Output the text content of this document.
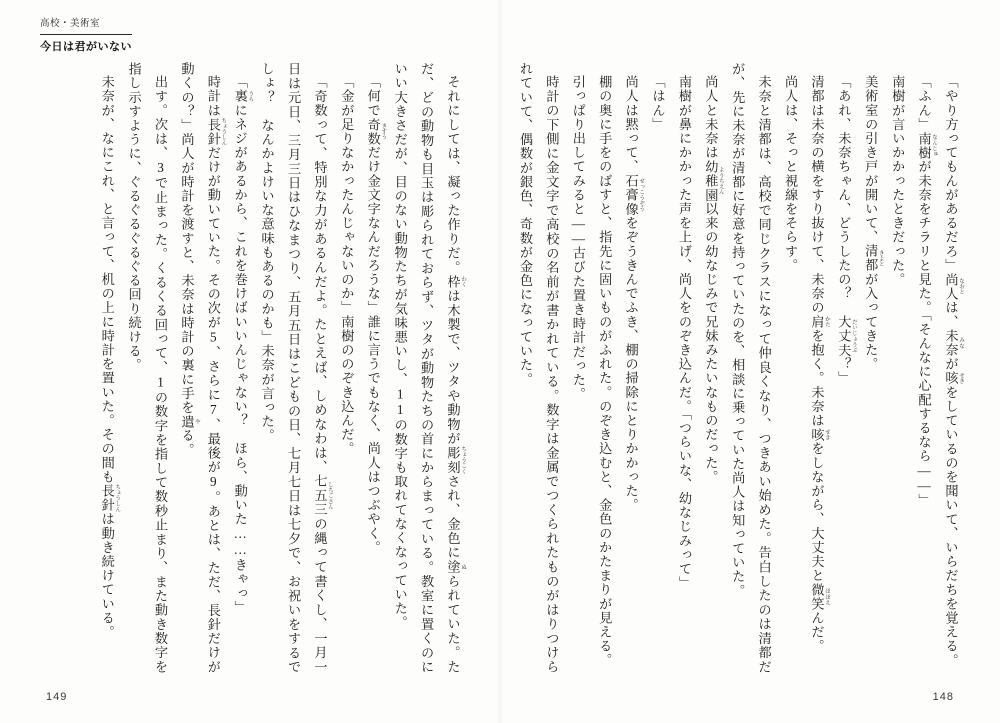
高校・美術室
今日は君がいない

「やり方ってもんがあるだろ」尚人 なおとは、未奈 みなが咳 せきをしているのを聞いて、いらだちを覚える。

「ふん」南樹 なんじゅが未奈をチラリと見た。「そんなに心配するなら——」

南樹が言いかかったときだった。

美術室の引き戸が開いて、清都 きよとが入ってきた。

「あれ、未奈ちゃん、どうしたの？　大丈夫 だいじょうぶ？」

清都は未奈の横をすり抜けて、未奈の肩 かたを抱く。未奈は咳 せきをしながら、大丈夫と微笑 ほほえんだ。

尚人は、そっと視線をそらす。

未奈と清都は、高校で同じクラスになって仲良くなり、つきあい始めた。告白したのは清都だが、先に未奈が清都に好意を持っていたのを、相談に乗っていた尚人は知っていた。

尚人と未奈は幼稚園 ようちえん以来の幼なじみで兄妹みたいなものだった。

南樹が鼻にかかった声を上げ、尚人をのぞき込んだ。「つらいな、幼なじみって」

「はん」

尚人は黙って、石膏像 せっこうぞうをぞうきんでふき、棚の掃除にとりかかった。

棚の奥に手をのばすと、指先に固いものがふれた。のぞき込むと、金色のかたまりが見える。

引っぱり出してみると——古びた置き時計だった。

時計の下側に金文字で高校の名前が書かれている。数字は金属でつくられたものがはりつけられていて、偶数が銀色、奇数が金色になっていた。

それにしては、凝った作りだ。枠 わくは木製で、ツタや動物が彫刻 ちょうこくされ、金色に塗 ぬられていた。ただ、どの動物も目玉は彫られておらず、ツタが動物たちの首にからまっている。教室に置くのにいい大きさだが、目のない動物たちが気味悪いし、11の数字も取れてなくなっていた。

「何で奇数 きすうだけ金文字なんだろうな」誰に言うでもなく、尚人はつぶやく。

「金が足りなかったんじゃないのか」南樹ののぞき込んだ。

「奇数って、特別な力があるんだよ。たとえば、しめなわは、七五三 しちごさんの縄って書くし、一月一日は元日、三月三日はひなまつり、五月五日はこどもの日、七月七日は七夕で、お祝いをするでしょ？　なんかよけいな意味もあるのかも」未奈が言った。

「裏 うらにネジがあるから、これを巻けばいいんじゃない？　ほら、動いた……きゃっ」

時計は長針 ちょうしんだけが動いていた。その次が5、さらに7、最後が9。あとは、ただ、長針だけが動くの？」尚人が時計を渡すと、未奈は時計の裏に手を遣 やる。

出す。次は、3で止まった。くるくる回って、1の数字を指して数秒止まり、また動き数字を指し示すように、ぐるぐるぐるぐる回り続ける。

未奈が、なにこれ、と言って、机の上に時計を置いた。その間も長針 ちょうしんは動き続けている。

149	148
